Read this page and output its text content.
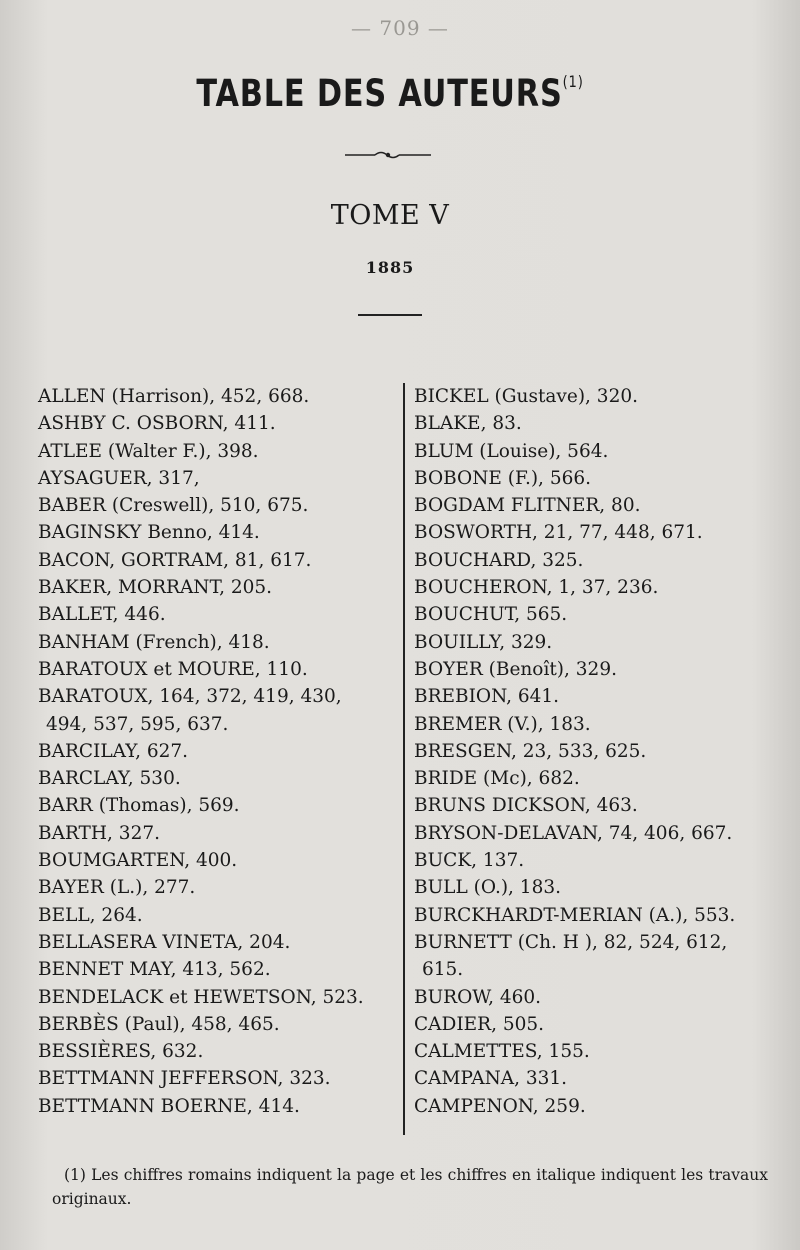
— 709 —
TABLE DES AUTEURS$^{(1)}$
TOME V
1885
ALLEN (Harrison), 452, 668.
ASHBY C. OSBORN, 411.
ATLEE (Walter F.), 398.
AYSAGUER, 317,
BABER (Creswell), 510, 675.
BAGINSKY Benno, 414.
BACON, GORTRAM, 81, 617.
BAKER, MORRANT, 205.
BALLET, 446.
BANHAM (French), 418.
BARATOUX et MOURE, 110.
BARATOUX, 164, 372, 419, 430,
494, 537, 595, 637.
BARCILAY, 627.
BARCLAY, 530.
BARR (Thomas), 569.
BARTH, 327.
BOUMGARTEN, 400.
BAYER (L.), 277.
BELL, 264.
BELLASERA VINETA, 204.
BENNET MAY, 413, 562.
BENDELACK et HEWETSON, 523.
BERBÈS (Paul), 458, 465.
BESSIÈRES, 632.
BETTMANN JEFFERSON, 323.
BETTMANN BOERNE, 414.
BICKEL (Gustave), 320.
BLAKE, 83.
BLUM (Louise), 564.
BOBONE (F.), 566.
BOGDAM FLITNER, 80.
BOSWORTH, 21, 77, 448, 671.
BOUCHARD, 325.
BOUCHERON, 1, 37, 236.
BOUCHUT, 565.
BOUILLY, 329.
BOYER (Benoît), 329.
BREBION, 641.
BREMER (V.), 183.
BRESGEN, 23, 533, 625.
BRIDE (Mc), 682.
BRUNS DICKSON, 463.
BRYSON-DELAVAN, 74, 406, 667.
BUCK, 137.
BULL (O.), 183.
BURCKHARDT-MERIAN (A.), 553.
BURNETT (Ch. H ), 82, 524, 612,
615.
BUROW, 460.
CADIER, 505.
CALMETTES, 155.
CAMPANA, 331.
CAMPENON, 259.
(1) Les chiffres romains indiquent la page et les chiffres en italique indiquent les travaux originaux.
